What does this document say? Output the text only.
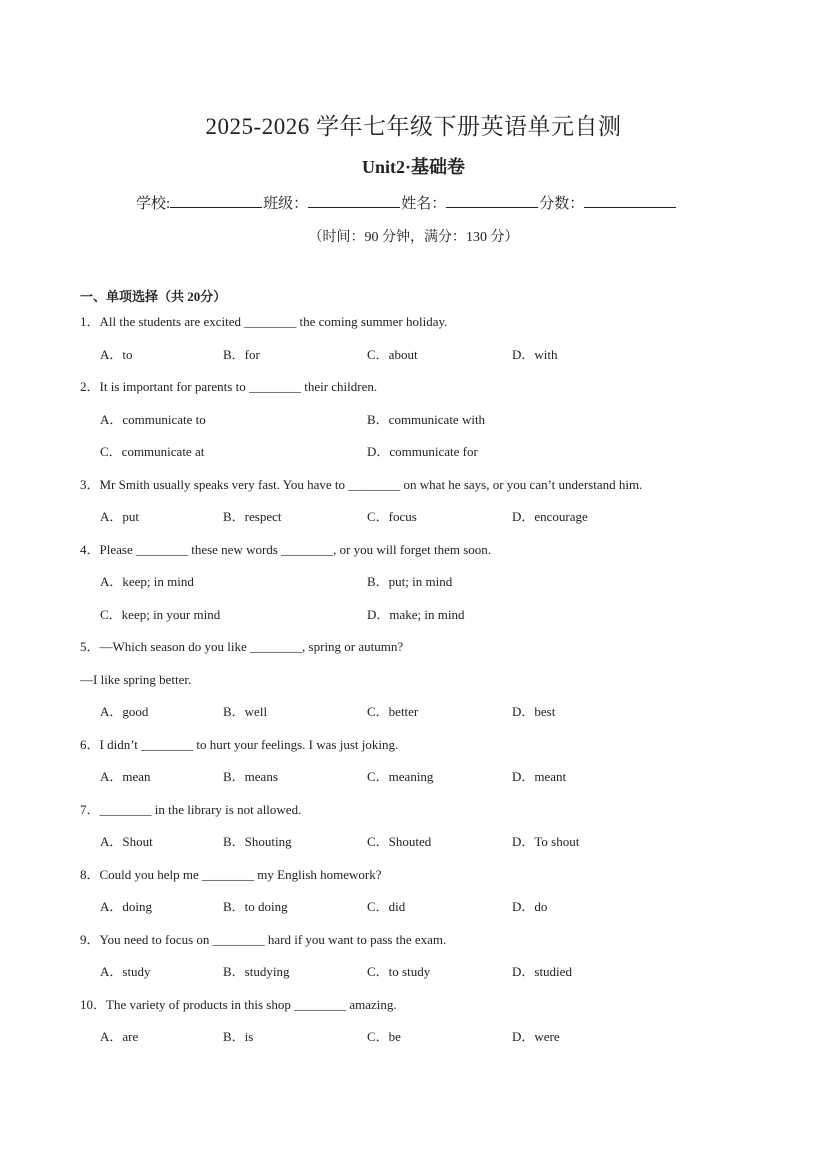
2025-2026 学年七年级下册英语单元自测
Unit2·基础卷
学校:	班级：	姓名：	分数：
（时间：90 分钟，满分：130 分）
一、单项选择（共 20分）
1．All the students are excited ________ the coming summer holiday.
A．to	B．for	C．about	D．with
2．It is important for parents to ________ their children.
A．communicate to	B．communicate with
C．communicate at	D．communicate for
3．Mr Smith usually speaks very fast. You have to ________ on what he says, or you can’t understand him.
A．put	B．respect	C．focus	D．encourage
4．Please ________ these new words ________, or you will forget them soon.
A．keep; in mind	B．put; in mind
C．keep; in your mind	D．make; in mind
5．—Which season do you like ________, spring or autumn?
—I like spring better.
A．good	B．well	C．better	D．best
6．I didn’t ________ to hurt your feelings. I was just joking.
A．mean	B．means	C．meaning	D．meant
7．________ in the library is not allowed.
A．Shout	B．Shouting	C．Shouted	D．To shout
8．Could you help me ________ my English homework?
A．doing	B．to doing	C．did	D．do
9．You need to focus on ________ hard if you want to pass the exam.
A．study	B．studying	C．to study	D．studied
10．The variety of products in this shop ________ amazing.
A．are	B．is	C．be	D．were
